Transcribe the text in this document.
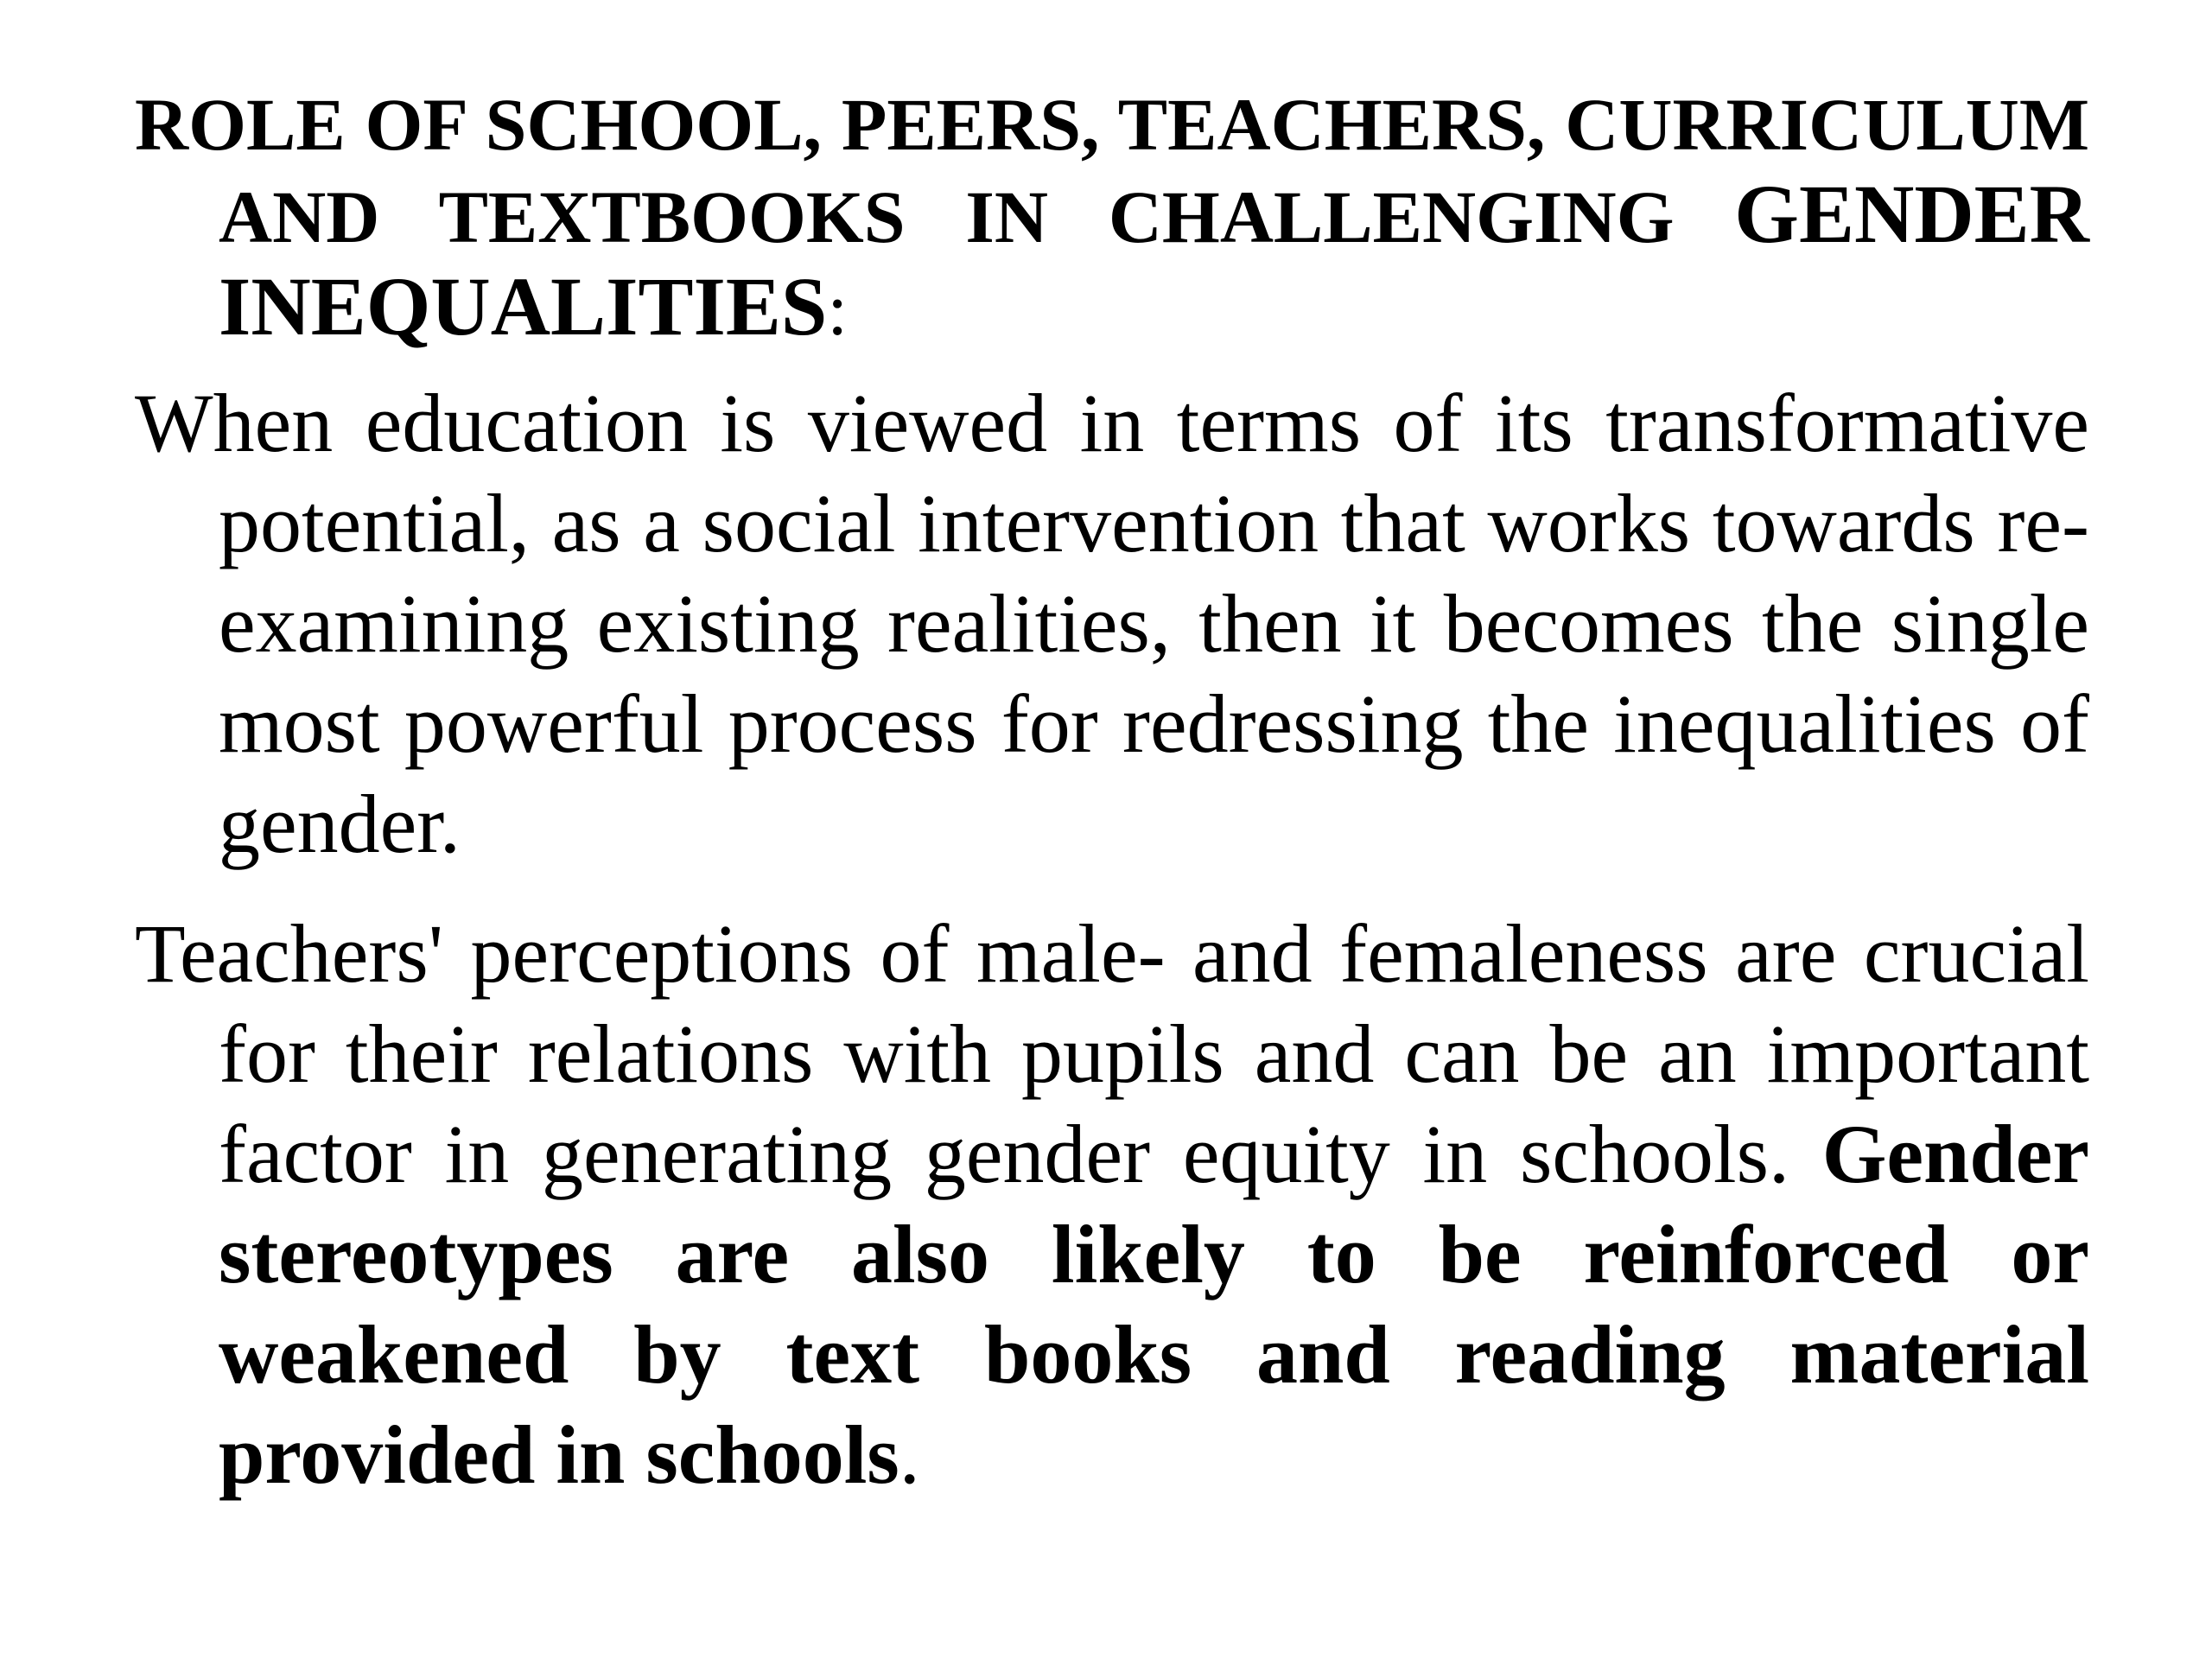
ROLE OF SCHOOL, PEERS, TEACHERS, CURRICULUM AND TEXTBOOKS IN CHALLENGING GENDER INEQUALITIES:

When education is viewed in terms of its transformative potential, as a social intervention that works towards re-examining existing realities, then it becomes the single most powerful process for redressing the inequalities of gender.

Teachers' perceptions of male- and femaleness are crucial for their relations with pupils and can be an important factor in generating gender equity in schools. Gender stereotypes are also likely to be reinforced or weakened by text books and reading material provided in schools.
